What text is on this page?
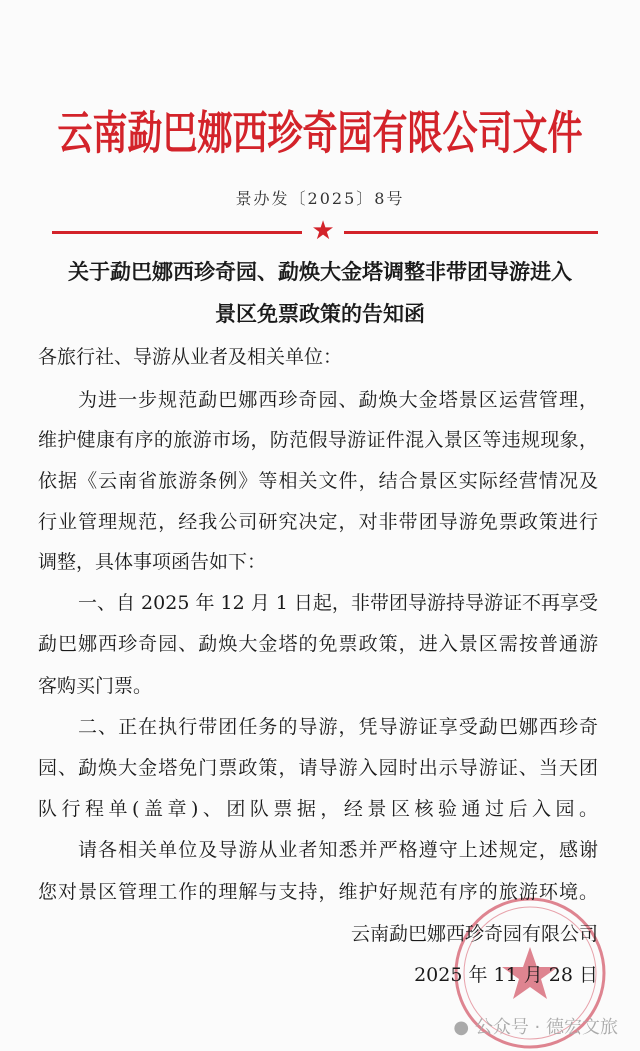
云南勐巴娜西珍奇园有限公司文件
景办发〔2025〕8号
★
关于勐巴娜西珍奇园、勐焕大金塔调整非带团导游进入
景区免票政策的告知函
各旅行社、导游从业者及相关单位：
为进一步规范勐巴娜西珍奇园、勐焕大金塔景区运营管理，
维护健康有序的旅游市场，防范假导游证件混入景区等违规现象，
依据《云南省旅游条例》等相关文件，结合景区实际经营情况及
行业管理规范，经我公司研究决定，对非带团导游免票政策进行
调整，具体事项函告如下：
一、自 2025 年 12 月 1 日起，非带团导游持导游证不再享受
勐巴娜西珍奇园、勐焕大金塔的免票政策，进入景区需按普通游
客购买门票。
二、正在执行带团任务的导游，凭导游证享受勐巴娜西珍奇
园、勐焕大金塔免门票政策，请导游入园时出示导游证、当天团
队行程单(盖章)、团队票据，经景区核验通过后入园。
请各相关单位及导游从业者知悉并严格遵守上述规定，感谢
您对景区管理工作的理解与支持，维护好规范有序的旅游环境。
云南勐巴娜西珍奇园有限公司
2025 年 11 月 28 日
● 公众号 · 德宏文旅
